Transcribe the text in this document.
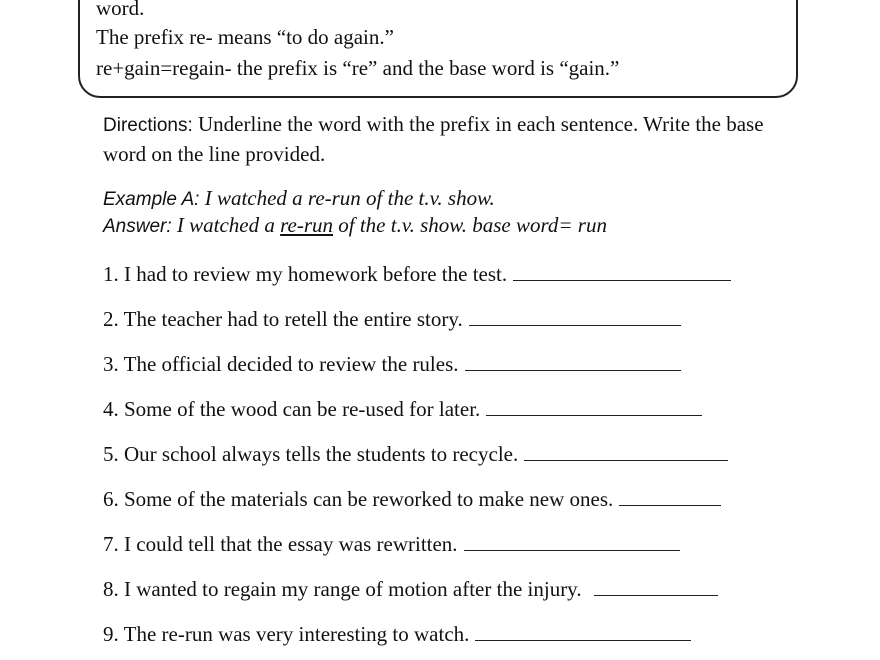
word.
The prefix re- means “to do again.”
re+gain=regain- the prefix is “re” and the base word is “gain.”
Directions: Underline the word with the prefix in each sentence. Write the base word on the line provided.
Example A: I watched a re-run of the t.v. show.
Answer: I watched a re-run of the t.v. show. base word= run
1. I had to review my homework before the test.
2. The teacher had to retell the entire story.
3. The official decided to review the rules.
4. Some of the wood can be re-used for later.
5. Our school always tells the students to recycle.
6. Some of the materials can be reworked to make new ones.
7. I could tell that the essay was rewritten.
8. I wanted to regain my range of motion after the injury.
9. The re-run was very interesting to watch.
